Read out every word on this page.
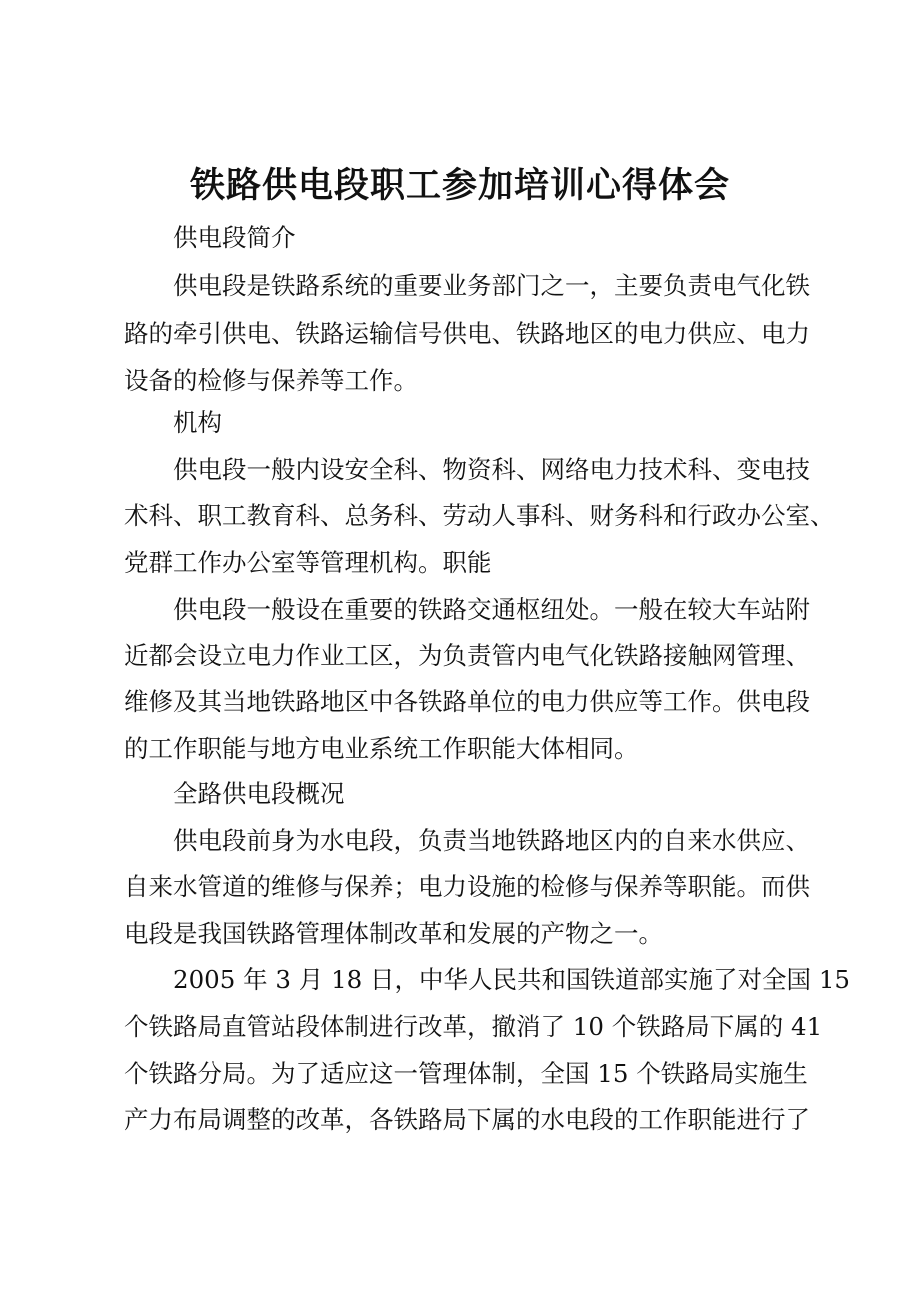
铁路供电段职工参加培训心得体会
供电段简介
供电段是铁路系统的重要业务部门之一，主要负责电气化铁
路的牵引供电、铁路运输信号供电、铁路地区的电力供应、电力
设备的检修与保养等工作。
机构
供电段一般内设安全科、物资科、网络电力技术科、变电技
术科、职工教育科、总务科、劳动人事科、财务科和行政办公室、
党群工作办公室等管理机构。职能
供电段一般设在重要的铁路交通枢纽处。一般在较大车站附
近都会设立电力作业工区，为负责管内电气化铁路接触网管理、
维修及其当地铁路地区中各铁路单位的电力供应等工作。供电段
的工作职能与地方电业系统工作职能大体相同。
全路供电段概况
供电段前身为水电段，负责当地铁路地区内的自来水供应、
自来水管道的维修与保养；电力设施的检修与保养等职能。而供
电段是我国铁路管理体制改革和发展的产物之一。
2005 年 3 月 18 日，中华人民共和国铁道部实施了对全国 15
个铁路局直管站段体制进行改革，撤消了 10 个铁路局下属的 41
个铁路分局。为了适应这一管理体制，全国 15 个铁路局实施生
产力布局调整的改革，各铁路局下属的水电段的工作职能进行了
